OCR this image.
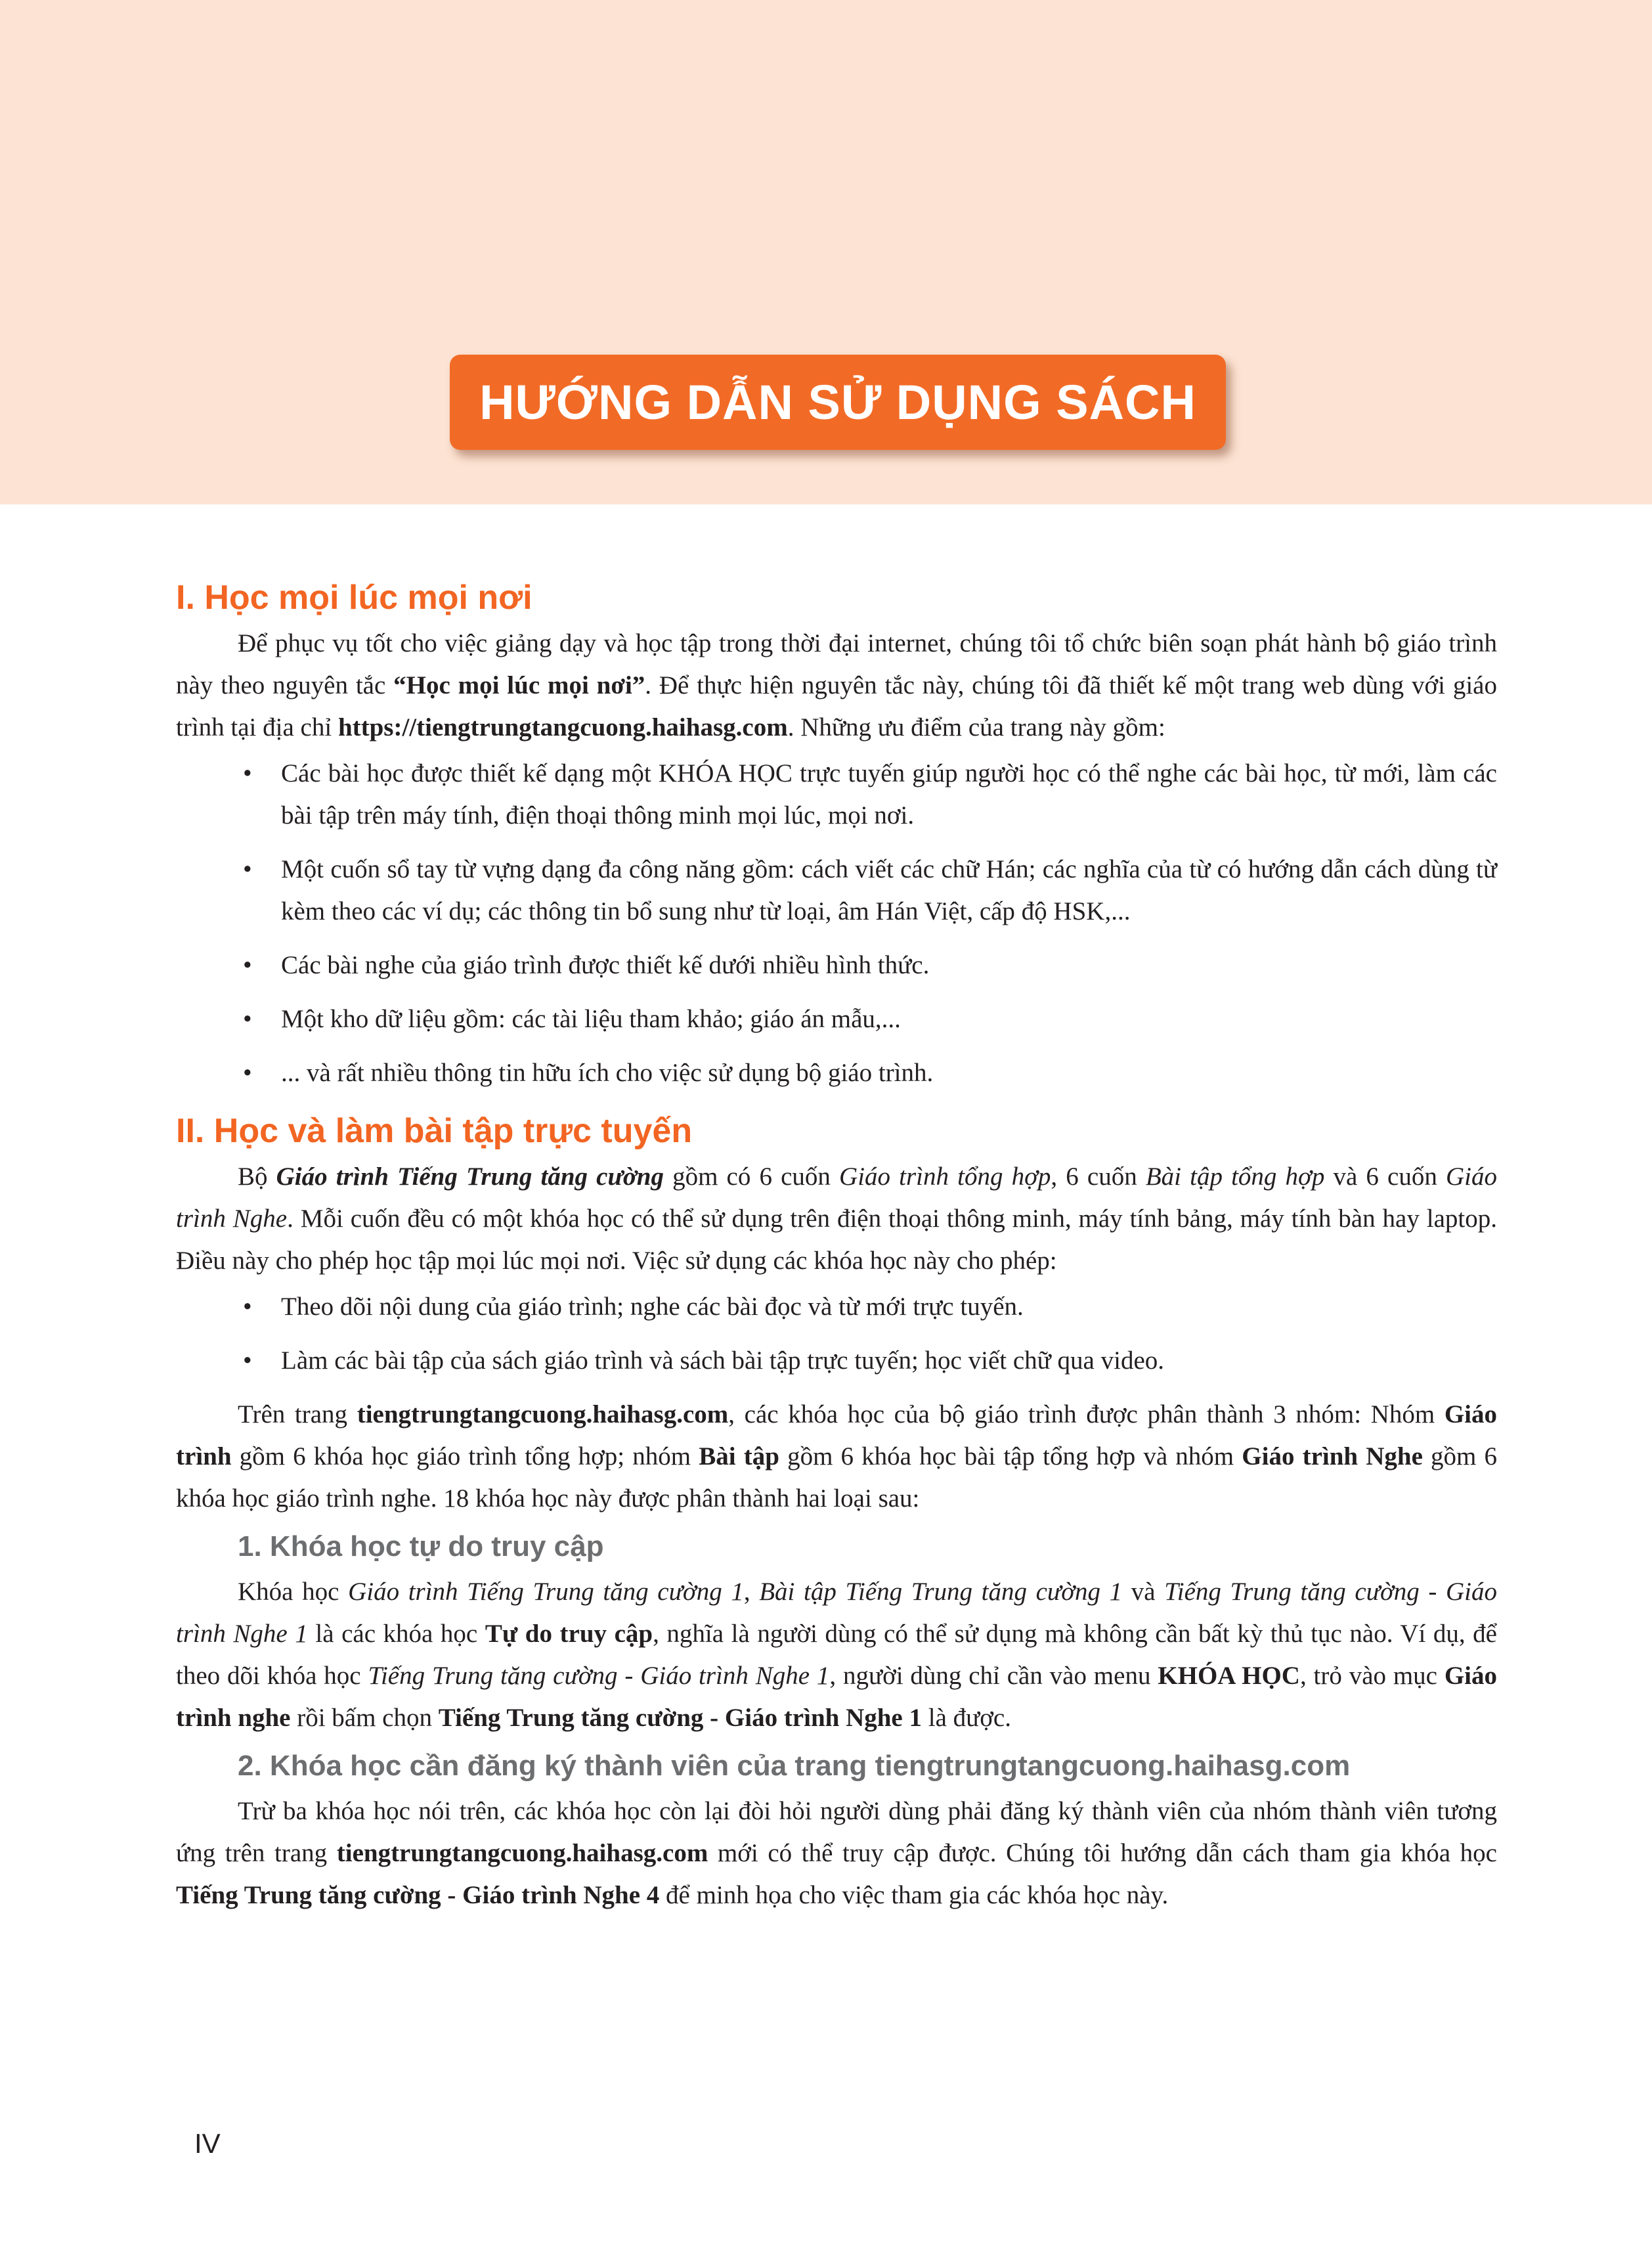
HƯỚNG DẪN SỬ DỤNG SÁCH
I. Học mọi lúc mọi nơi

Để phục vụ tốt cho việc giảng dạy và học tập trong thời đại internet, chúng tôi tổ chức biên soạn phát hành bộ giáo trình này theo nguyên tắc “Học mọi lúc mọi nơi”. Để thực hiện nguyên tắc này, chúng tôi đã thiết kế một trang web dùng với giáo trình tại địa chỉ https://tiengtrungtangcuong.haihasg.com. Những ưu điểm của trang này gồm:

• Các bài học được thiết kế dạng một KHÓA HỌC trực tuyến giúp người học có thể nghe các bài học, từ mới, làm các bài tập trên máy tính, điện thoại thông minh mọi lúc, mọi nơi.
• Một cuốn sổ tay từ vựng dạng đa công năng gồm: cách viết các chữ Hán; các nghĩa của từ có hướng dẫn cách dùng từ kèm theo các ví dụ; các thông tin bổ sung như từ loại, âm Hán Việt, cấp độ HSK,...
• Các bài nghe của giáo trình được thiết kế dưới nhiều hình thức.
• Một kho dữ liệu gồm: các tài liệu tham khảo; giáo án mẫu,...
• ... và rất nhiều thông tin hữu ích cho việc sử dụng bộ giáo trình.
II. Học và làm bài tập trực tuyến

Bộ Giáo trình Tiếng Trung tăng cường gồm có 6 cuốn Giáo trình tổng hợp, 6 cuốn Bài tập tổng hợp và 6 cuốn Giáo trình Nghe. Mỗi cuốn đều có một khóa học có thể sử dụng trên điện thoại thông minh, máy tính bảng, máy tính bàn hay laptop. Điều này cho phép học tập mọi lúc mọi nơi. Việc sử dụng các khóa học này cho phép:

• Theo dõi nội dung của giáo trình; nghe các bài đọc và từ mới trực tuyến.
• Làm các bài tập của sách giáo trình và sách bài tập trực tuyến; học viết chữ qua video.

Trên trang tiengtrungtangcuong.haihasg.com, các khóa học của bộ giáo trình được phân thành 3 nhóm: Nhóm Giáo trình gồm 6 khóa học giáo trình tổng hợp; nhóm Bài tập gồm 6 khóa học bài tập tổng hợp và nhóm Giáo trình Nghe gồm 6 khóa học giáo trình nghe. 18 khóa học này được phân thành hai loại sau:

1. Khóa học tự do truy cập

Khóa học Giáo trình Tiếng Trung tăng cường 1, Bài tập Tiếng Trung tăng cường 1 và Tiếng Trung tăng cường - Giáo trình Nghe 1 là các khóa học Tự do truy cập, nghĩa là người dùng có thể sử dụng mà không cần bất kỳ thủ tục nào. Ví dụ, để theo dõi khóa học Tiếng Trung tăng cường - Giáo trình Nghe 1, người dùng chỉ cần vào menu KHÓA HỌC, trỏ vào mục Giáo trình nghe rồi bấm chọn Tiếng Trung tăng cường - Giáo trình Nghe 1 là được.

2. Khóa học cần đăng ký thành viên của trang tiengtrungtangcuong.haihasg.com

Trừ ba khóa học nói trên, các khóa học còn lại đòi hỏi người dùng phải đăng ký thành viên của nhóm thành viên tương ứng trên trang tiengtrungtangcuong.haihasg.com mới có thể truy cập được. Chúng tôi hướng dẫn cách tham gia khóa học Tiếng Trung tăng cường - Giáo trình Nghe 4 để minh họa cho việc tham gia các khóa học này.

IV
